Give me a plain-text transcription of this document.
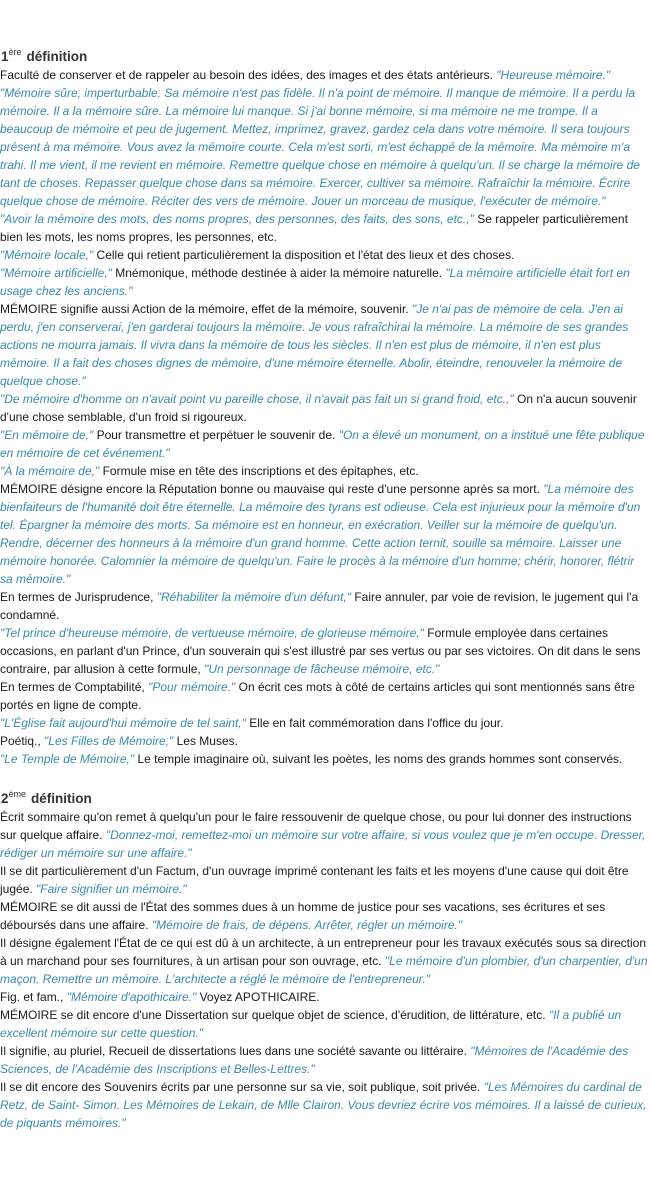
1ère définition

Faculté de conserver et de rappeler au besoin des idées, des images et des états antérieurs. "Heureuse mémoire."

"Mémoire sûre, imperturbable. Sa mémoire n'est pas fidèle. Il n'a point de mémoire. Il manque de mémoire. Il a perdu la mémoire. Il a la mémoire sûre. La mémoire lui manque. Si j'ai bonne mémoire, si ma mémoire ne me trompe. Il a beaucoup de mémoire et peu de jugement. Mettez, imprimez, gravez, gardez cela dans votre mémoire. Il sera toujours présent à ma mémoire. Vous avez la mémoire courte. Cela m'est sorti, m'est échappé de la mémoire. Ma mémoire m'a trahi. Il me vient, il me revient en mémoire. Remettre quelque chose en mémoire à quelqu'un. Il se charge la mémoire de tant de choses. Repasser quelque chose dans sa mémoire. Exercer, cultiver sa mémoire. Rafraîchir la mémoire. Écrire quelque chose de mémoire. Réciter des vers de mémoire. Jouer un morceau de musique, l'exécuter de mémoire."

"Avoir la mémoire des mots, des noms propres, des personnes, des faits, des sons, etc.," Se rappeler particulièrement bien les mots, les noms propres, les personnes, etc.

"Mémoire locale," Celle qui retient particulièrement la disposition et l'état des lieux et des choses.

"Mémoire artificielle," Mnémonique, méthode destinée à aider la mémoire naturelle. "La mémoire artificielle était fort en usage chez les anciens."

MÉMOIRE signifie aussi Action de la mémoire, effet de la mémoire, souvenir. "Je n'ai pas de mémoire de cela. J'en ai perdu, j'en conserverai, j'en garderai toujours la mémoire. Je vous rafraîchirai la mémoire. La mémoire de ses grandes actions ne mourra jamais. Il vivra dans la mémoire de tous les siècles. Il n'en est plus de mémoire, il n'en est plus mémoire. Il a fait des choses dignes de mémoire, d'une mémoire éternelle. Abolir, éteindre, renouveler la mémoire de quelque chose."

"De mémoire d'homme on n'avait point vu pareille chose, il n'avait pas fait un si grand froid, etc.," On n'a aucun souvenir d'une chose semblable, d'un froid si rigoureux.

"En mémoire de," Pour transmettre et perpétuer le souvenir de. "On a élevé un monument, on a institué une fête publique en mémoire de cet événement."

"À la mémoire de," Formule mise en tête des inscriptions et des épitaphes, etc.

MÉMOIRE désigne encore la Réputation bonne ou mauvaise qui reste d'une personne après sa mort. "La mémoire des bienfaiteurs de l'humanité doit être éternelle. La mémoire des tyrans est odieuse. Cela est injurieux pour la mémoire d'un tel. Épargner la mémoire des morts. Sa mémoire est en honneur, en exécration. Veiller sur la mémoire de quelqu'un. Rendre, décerner des honneurs à la mémoire d'un grand homme. Cette action ternit, souille sa mémoire. Laisser une mémoire honorée. Calomnier la mémoire de quelqu'un. Faire le procès à la mémoire d'un homme; chérir, honorer, flétrir sa mémoire."

En termes de Jurisprudence, "Réhabiliter la mémoire d'un défunt," Faire annuler, par voie de revision, le jugement qui l'a condamné.

"Tel prince d'heureuse mémoire, de vertueuse mémoire, de glorieuse mémoire," Formule employée dans certaines occasions, en parlant d'un Prince, d'un souverain qui s'est illustré par ses vertus ou par ses victoires. On dit dans le sens contraire, par allusion à cette formule, "Un personnage de fâcheuse mémoire, etc."

En termes de Comptabilité, "Pour mémoire." On écrit ces mots à côté de certains articles qui sont mentionnés sans être portés en ligne de compte.

"L'Église fait aujourd'hui mémoire de tel saint," Elle en fait commémoration dans l'office du jour.

Poétiq., "Les Filles de Mémoire," Les Muses.

"Le Temple de Mémoire," Le temple imaginaire où, suivant les poètes, les noms des grands hommes sont conservés.

2ème définition

Écrit sommaire qu'on remet à quelqu'un pour le faire ressouvenir de quelque chose, ou pour lui donner des instructions sur quelque affaire. "Donnez-moi, remettez-moi un mémoire sur votre affaire, si vous voulez que je m'en occupe. Dresser, rédiger un mémoire sur une affaire."

Il se dit particulièrement d'un Factum, d'un ouvrage imprimé contenant les faits et les moyens d'une cause qui doit être jugée. "Faire signifier un mémoire."

MÉMOIRE se dit aussi de l'État des sommes dues à un homme de justice pour ses vacations, ses écritures et ses déboursés dans une affaire. "Mémoire de frais, de dépens. Arrêter, régler un mémoire."

Il désigne également l'État de ce qui est dû à un architecte, à un entrepreneur pour les travaux exécutés sous sa direction à un marchand pour ses fournitures, à un artisan pour son ouvrage, etc. "Le mémoire d'un plombier, d'un charpentier, d'un maçon. Remettre un mémoire. L'architecte a réglé le mémoire de l'entrepreneur."

Fig. et fam., "Mémoire d'apothicaire." Voyez APOTHICAIRE.

MÉMOIRE se dit encore d'une Dissertation sur quelque objet de science, d'érudition, de littérature, etc. "Il a publié un excellent mémoire sur cette question."

Il signifie, au pluriel, Recueil de dissertations lues dans une société savante ou littéraire. "Mémoires de l'Académie des Sciences, de l'Académie des Inscriptions et Belles-Lettres."

Il se dit encore des Souvenirs écrits par une personne sur sa vie, soit publique, soit privée. "Les Mémoires du cardinal de Retz, de Saint- Simon. Les Mémoires de Lekain, de Mlle Clairon. Vous devriez écrire vos mémoires. Il a laissé de curieux, de piquants mémoires."
